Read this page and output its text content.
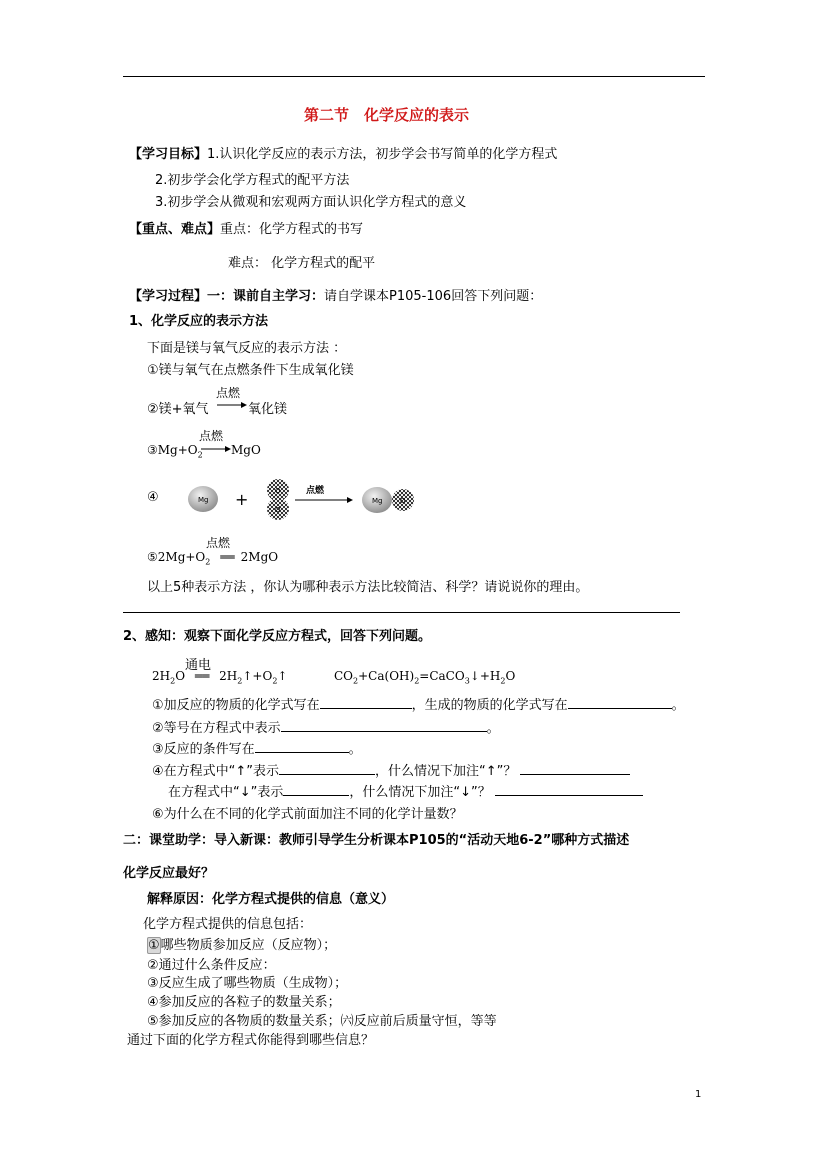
第二节　化学反应的表示
【学习目标】1.认识化学反应的表示方法，初步学会书写简单的化学方程式
2.初步学会化学方程式的配平方法
3.初步学会从微观和宏观两方面认识化学方程式的意义
【重点、难点】重点：化学方程式的书写
难点： 化学方程式的配平
【学习过程】一：课前自主学习：请自学课本P105-106回答下列问题：
1、化学反应的表示方法
下面是镁与氧气反应的表示方法 ：
①镁与氧气在点燃条件下生成氧化镁
点燃
②镁+氧气	氧化镁
点燃
$③Mg+O_2$ MgO
④	Mg +	O
O
点燃
Mg	O
点燃
$⑤2Mg+O_2$ ══ 2MgO
以上5种表示方法 ，你认为哪种表示方法比较简洁、科学？请说说你的理由。
2、感知：观察下面化学反应方程式，回答下列问题。
通电
$2H_2O$ ══ $2H_2↑+O_2↑$	$CO_2+Ca(OH)_2=CaCO_3↓+H_2O$
①加反应的物质的化学式写在	，生成的物质的化学式写在	。
②等号在方程式中表示	。
③反应的条件写在	。
④在方程式中“↑”表示	，什么情况下加注“↑”？
在方程式中“↓”表示	，什么情况下加注“↓”？
⑥为什么在不同的化学式前面加注不同的化学计量数？
二：课堂助学：导入新课：教师引导学生分析课本P105的“活动天地6-2”哪种方式描述
化学反应最好？
解释原因：化学方程式提供的信息（意义）
化学方程式提供的信息包括：
①哪些物质参加反应（反应物）；
②通过什么条件反应：
③反应生成了哪些物质（生成物）；
④参加反应的各粒子的数量关系；
⑤参加反应的各物质的数量关系；㈥反应前后质量守恒，等等
通过下面的化学方程式你能得到哪些信息？
1
